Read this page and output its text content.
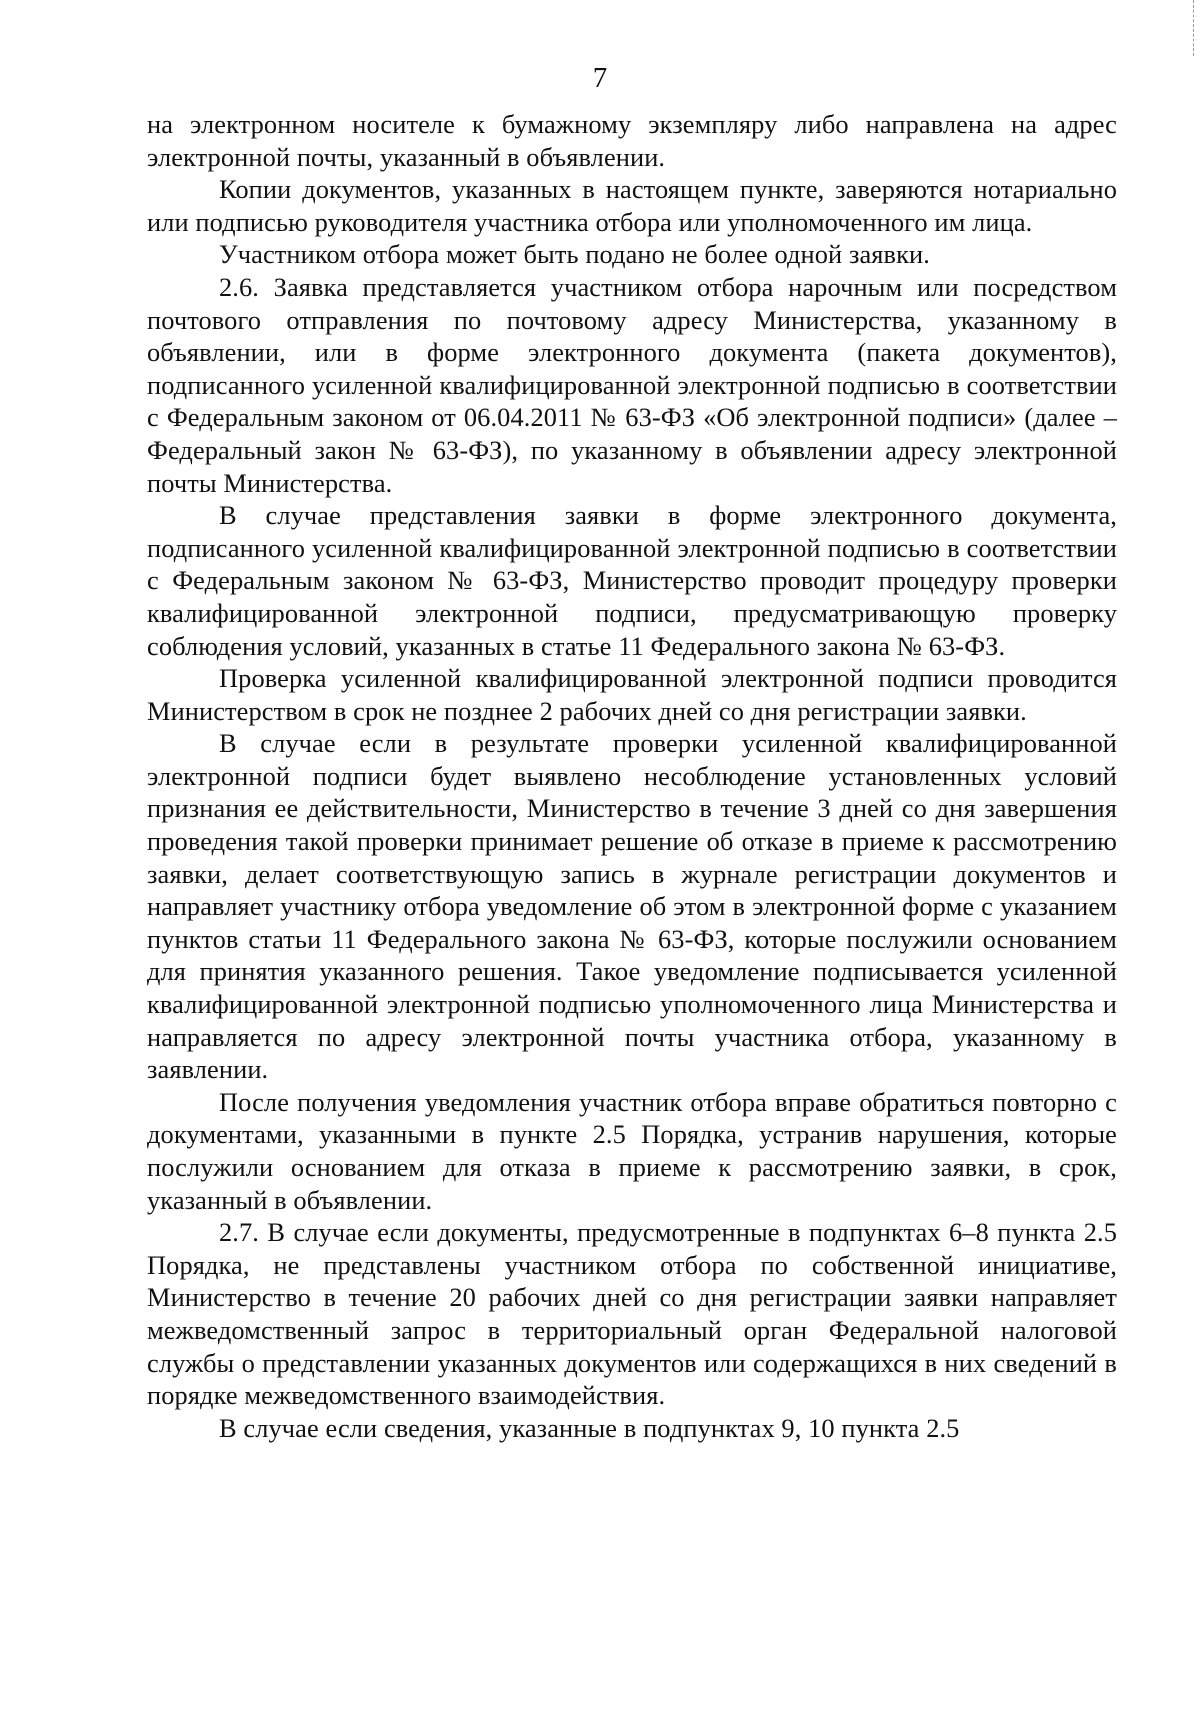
7

на электронном носителе к бумажному экземпляру либо направлена на адрес электронной почты, указанный в объявлении.

Копии документов, указанных в настоящем пункте, заверяются нотариально или подписью руководителя участника отбора или уполномоченного им лица.

Участником отбора может быть подано не более одной заявки.

2.6. Заявка представляется участником отбора нарочным или посредством почтового отправления по почтовому адресу Министерства, указанному в объявлении, или в форме электронного документа (пакета документов), подписанного усиленной квалифицированной электронной подписью в соответствии с Федеральным законом от 06.04.2011 № 63-ФЗ «Об электронной подписи» (далее – Федеральный закон № 63-ФЗ), по указанному в объявлении адресу электронной почты Министерства.

В случае представления заявки в форме электронного документа, подписанного усиленной квалифицированной электронной подписью в соответствии с Федеральным законом № 63-ФЗ, Министерство проводит процедуру проверки квалифицированной электронной подписи, предусматривающую проверку соблюдения условий, указанных в статье 11 Федерального закона № 63-ФЗ.

Проверка усиленной квалифицированной электронной подписи проводится Министерством в срок не позднее 2 рабочих дней со дня регистрации заявки.

В случае если в результате проверки усиленной квалифицированной электронной подписи будет выявлено несоблюдение установленных условий признания ее действительности, Министерство в течение 3 дней со дня завершения проведения такой проверки принимает решение об отказе в приеме к рассмотрению заявки, делает соответствующую запись в журнале регистрации документов и направляет участнику отбора уведомление об этом в электронной форме с указанием пунктов статьи 11 Федерального закона № 63-ФЗ, которые послужили основанием для принятия указанного решения. Такое уведомление подписывается усиленной квалифицированной электронной подписью уполномоченного лица Министерства и направляется по адресу электронной почты участника отбора, указанному в заявлении.

После получения уведомления участник отбора вправе обратиться повторно с документами, указанными в пункте 2.5 Порядка, устранив нарушения, которые послужили основанием для отказа в приеме к рассмотрению заявки, в срок, указанный в объявлении.

2.7. В случае если документы, предусмотренные в подпунктах 6–8 пункта 2.5 Порядка, не представлены участником отбора по собственной инициативе, Министерство в течение 20 рабочих дней со дня регистрации заявки направляет межведомственный запрос в территориальный орган Федеральной налоговой службы о представлении указанных документов или содержащихся в них сведений в порядке межведомственного взаимодействия.

В случае если сведения, указанные в подпунктах 9, 10 пункта 2.5
